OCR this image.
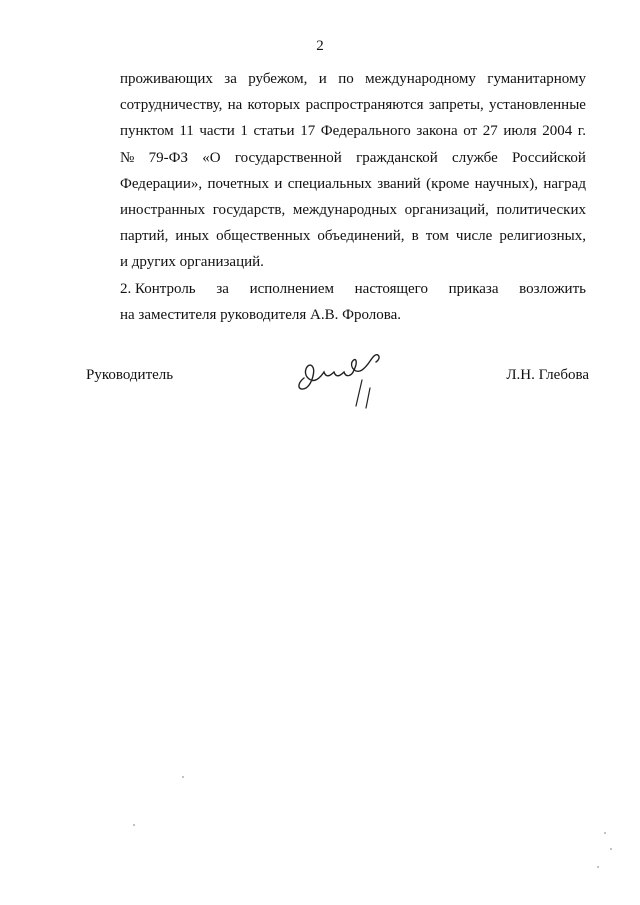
2
проживающих за рубежом, и по международному гуманитарному
сотрудничеству, на которых распространяются запреты, установленные
пунктом 11 части 1 статьи 17 Федерального закона от 27 июля 2004 г.
№ 79-ФЗ «О государственной гражданской службе Российской
Федерации», почетных и специальных званий (кроме научных), наград
иностранных государств, международных организаций, политических
партий, иных общественных объединений, в том числе религиозных,
и другиx организаций.
2. Контроль за исполнением настоящего приказа возложить
на заместителя руководителя А.В. Фролова.
Руководитель	Л.Н. Глебова
